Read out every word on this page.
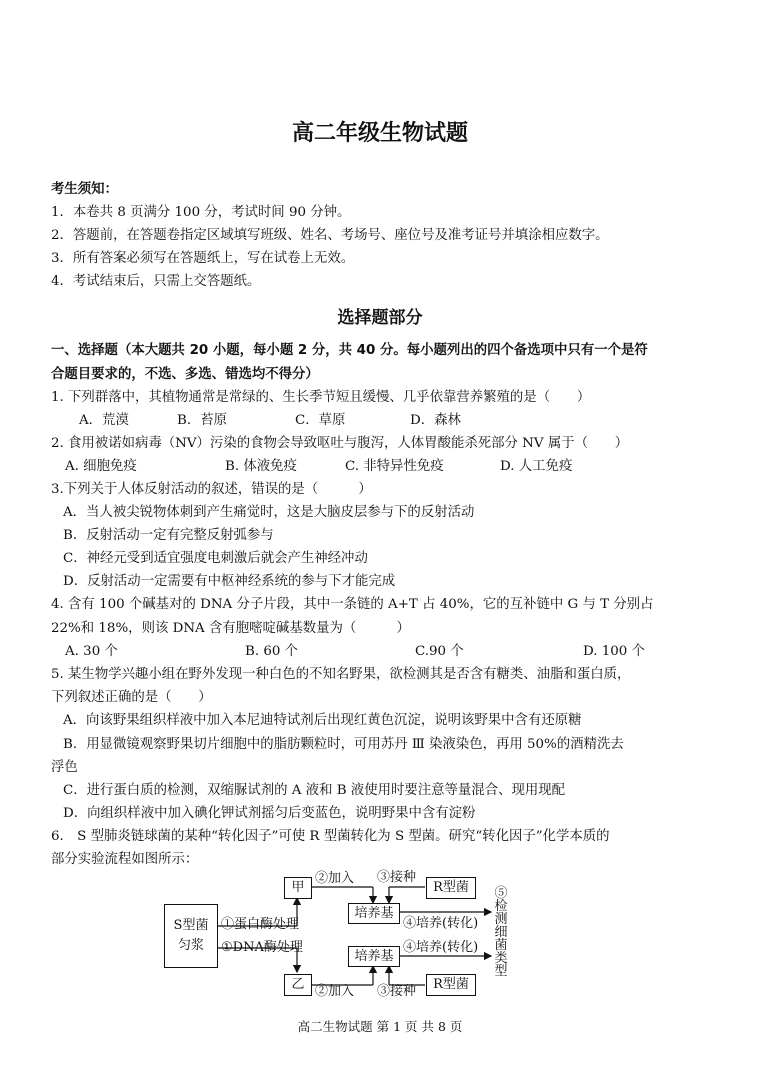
高二年级生物试题
考生须知：
1．本卷共 8 页满分 100 分，考试时间 90 分钟。
2．答题前，在答题卷指定区域填写班级、姓名、考场号、座位号及准考证号并填涂相应数字。
3．所有答案必须写在答题纸上，写在试卷上无效。
4．考试结束后，只需上交答题纸。
选择题部分
一、选择题（本大题共 20 小题，每小题 2 分，共 40 分。每小题列出的四个备选项中只有一个是符
合题目要求的，不选、多选、错选均不得分）
1. 下列群落中，其植物通常是常绿的、生长季节短且缓慢、几乎依靠营养繁殖的是（　　）
A．荒漠	B．苔原	C．草原	D．森林
2. 食用被诺如病毒（NV）污染的食物会导致呕吐与腹泻，人体胃酸能杀死部分 NV 属于（　　）
A. 细胞免疫	B. 体液免疫	C. 非特异性免疫	D. 人工免疫
3.下列关于人体反射活动的叙述，错误的是（　　　）
A．当人被尖锐物体刺到产生痛觉时，这是大脑皮层参与下的反射活动
B．反射活动一定有完整反射弧参与
C．神经元受到适宜强度电刺激后就会产生神经冲动
D．反射活动一定需要有中枢神经系统的参与下才能完成
4. 含有 100 个碱基对的 DNA 分子片段，其中一条链的 A+T 占 40%，它的互补链中 G 与 T 分别占
22%和 18%，则该 DNA 含有胞嘧啶碱基数量为（　　　）
A. 30 个	B. 60 个	C.90 个	D. 100 个
5. 某生物学兴趣小组在野外发现一种白色的不知名野果，欲检测其是否含有糖类、油脂和蛋白质，
下列叙述正确的是（　　）
A．向该野果组织样液中加入本尼迪特试剂后出现红黄色沉淀，说明该野果中含有还原糖
B．用显微镜观察野果切片细胞中的脂肪颗粒时，可用苏丹 Ⅲ 染液染色，再用 50%的酒精洗去
浮色
C．进行蛋白质的检测，双缩脲试剂的 A 液和 B 液使用时要注意等量混合、现用现配
D．向组织样液中加入碘化钾试剂摇匀后变蓝色，说明野果中含有淀粉
6.　S 型肺炎链球菌的某种“转化因子”可使 R 型菌转化为 S 型菌。研究“转化因子”化学本质的
部分实验流程如图所示：
S型菌
匀浆
甲
乙
①蛋白酶处理
①DNA酶处理
②加入
②加入
③接种
③接种
R型菌
R型菌
培养基
培养基
④培养(转化)
④培养(转化)
⑤检测细菌类型
高二生物试题 第 1 页 共 8 页
